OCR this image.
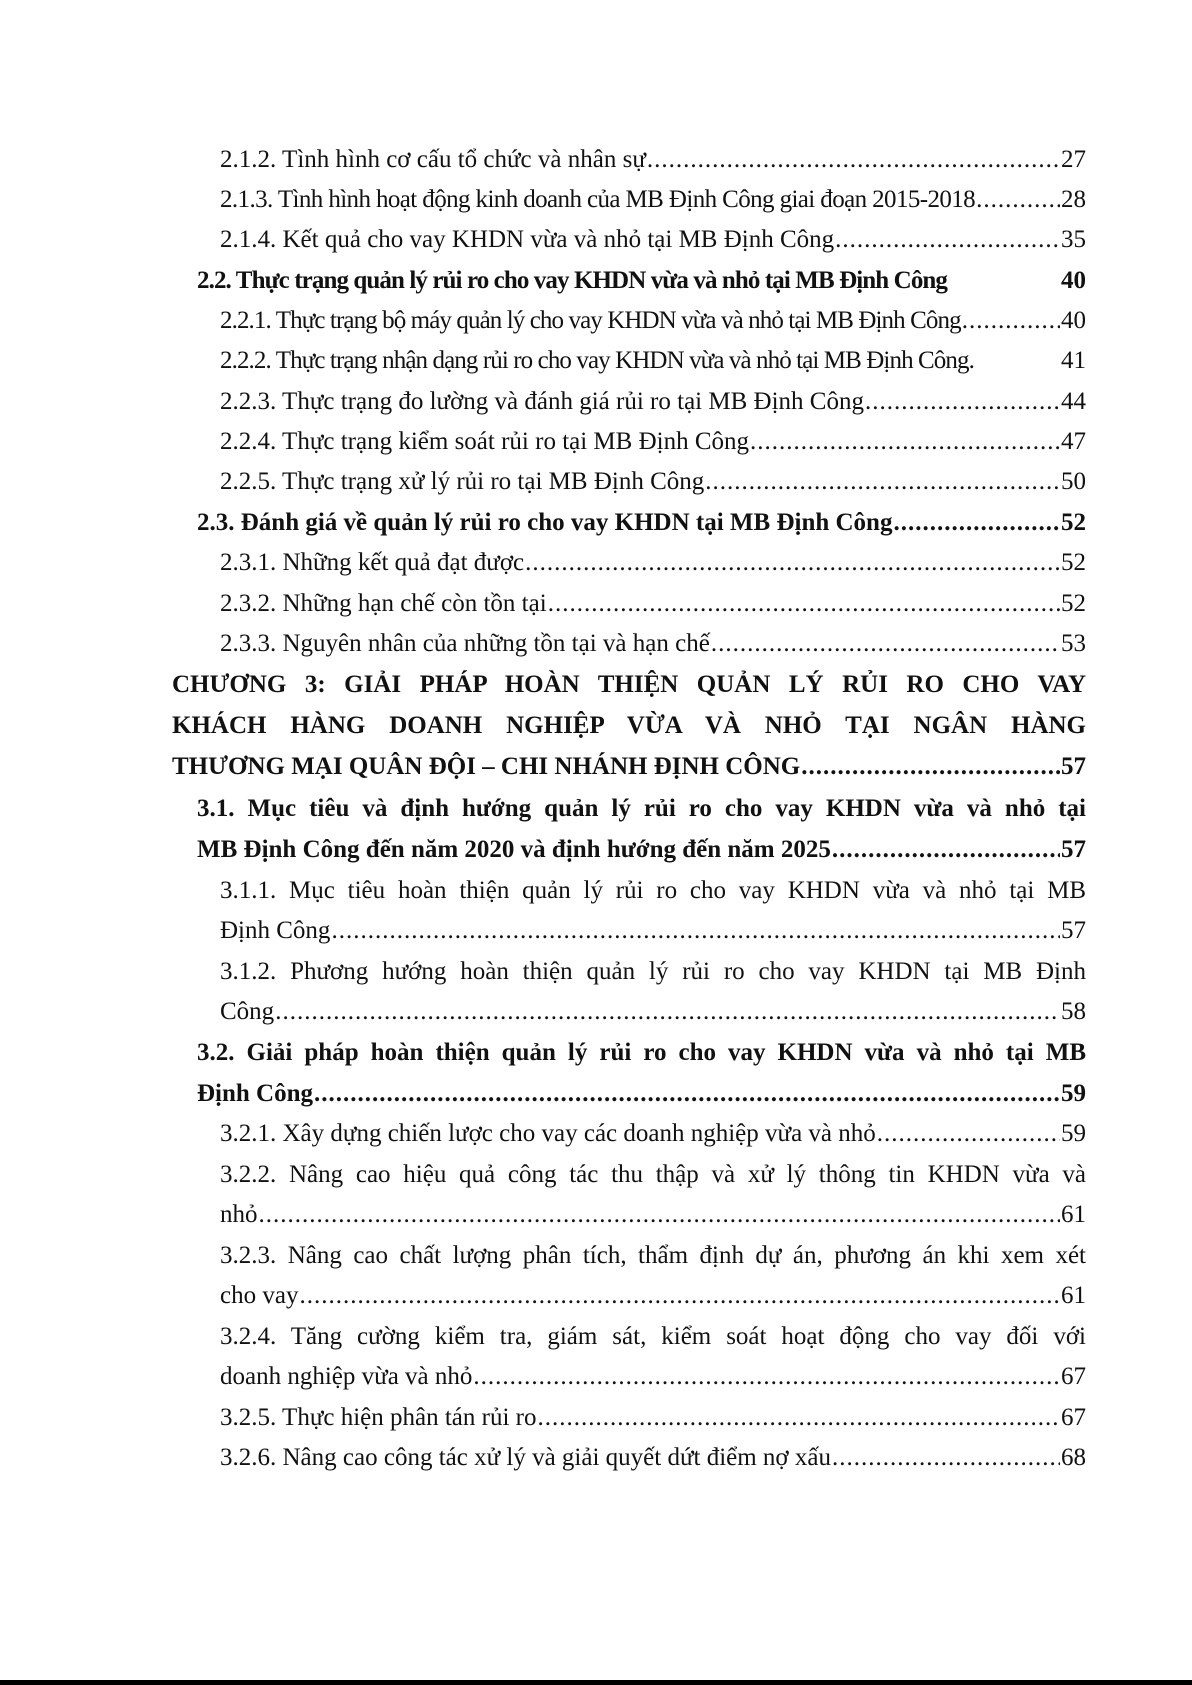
2.1.2. Tình hình cơ cấu tổ chức và nhân sự .....	27
2.1.3. Tình hình hoạt động kinh doanh của MB Định Công giai đoạn 2015-2018 .....	28
2.1.4. Kết quả cho vay KHDN vừa và nhỏ tại MB Định Công .....	35
2.2. Thực trạng quản lý rủi ro cho vay KHDN vừa và nhỏ tại MB Định Công	40
2.2.1. Thực trạng bộ máy quản lý cho vay KHDN vừa và nhỏ tại MB Định Công .....	40
2.2.2. Thực trạng nhận dạng rủi ro cho vay KHDN vừa và nhỏ tại MB Định Công.	41
2.2.3. Thực trạng đo lường và đánh giá rủi ro tại MB Định Công .....	44
2.2.4. Thực trạng kiểm soát rủi ro tại MB Định Công .....	47
2.2.5. Thực trạng xử lý rủi ro tại MB Định Công .....	50
2.3. Đánh giá về quản lý rủi ro cho vay KHDN tại MB Định Công .....	52
2.3.1. Những kết quả đạt được .....	52
2.3.2. Những hạn chế còn tồn tại .....	52
2.3.3. Nguyên nhân của những tồn tại và hạn chế .....	53
CHƯƠNG 3: GIẢI PHÁP HOÀN THIỆN QUẢN LÝ RỦI RO CHO VAY
KHÁCH HÀNG DOANH NGHIỆP VỪA VÀ NHỎ TẠI NGÂN HÀNG
THƯƠNG MẠI QUÂN ĐỘI – CHI NHÁNH ĐỊNH CÔNG .....	57
3.1. Mục tiêu và định hướng quản lý rủi ro cho vay KHDN vừa và nhỏ tại
MB Định Công đến năm 2020 và định hướng đến năm 2025 .....	57
3.1.1. Mục tiêu hoàn thiện quản lý rủi ro cho vay KHDN vừa và nhỏ tại MB
Định Công .....	57
3.1.2. Phương hướng hoàn thiện quản lý rủi ro cho vay KHDN tại MB Định
Công .....	58
3.2. Giải pháp hoàn thiện quản lý rủi ro cho vay KHDN vừa và nhỏ tại MB
Định Công .....	59
3.2.1. Xây dựng chiến lược cho vay các doanh nghiệp vừa và nhỏ .....	59
3.2.2. Nâng cao hiệu quả công tác thu thập và xử lý thông tin KHDN vừa và
nhỏ .....	61
3.2.3. Nâng cao chất lượng phân tích, thẩm định dự án, phương án khi xem xét
cho vay .....	61
3.2.4. Tăng cường kiểm tra, giám sát, kiểm soát hoạt động cho vay đối với
doanh nghiệp vừa và nhỏ .....	67
3.2.5. Thực hiện phân tán rủi ro .....	67
3.2.6. Nâng cao công tác xử lý và giải quyết dứt điểm nợ xấu .....	68
